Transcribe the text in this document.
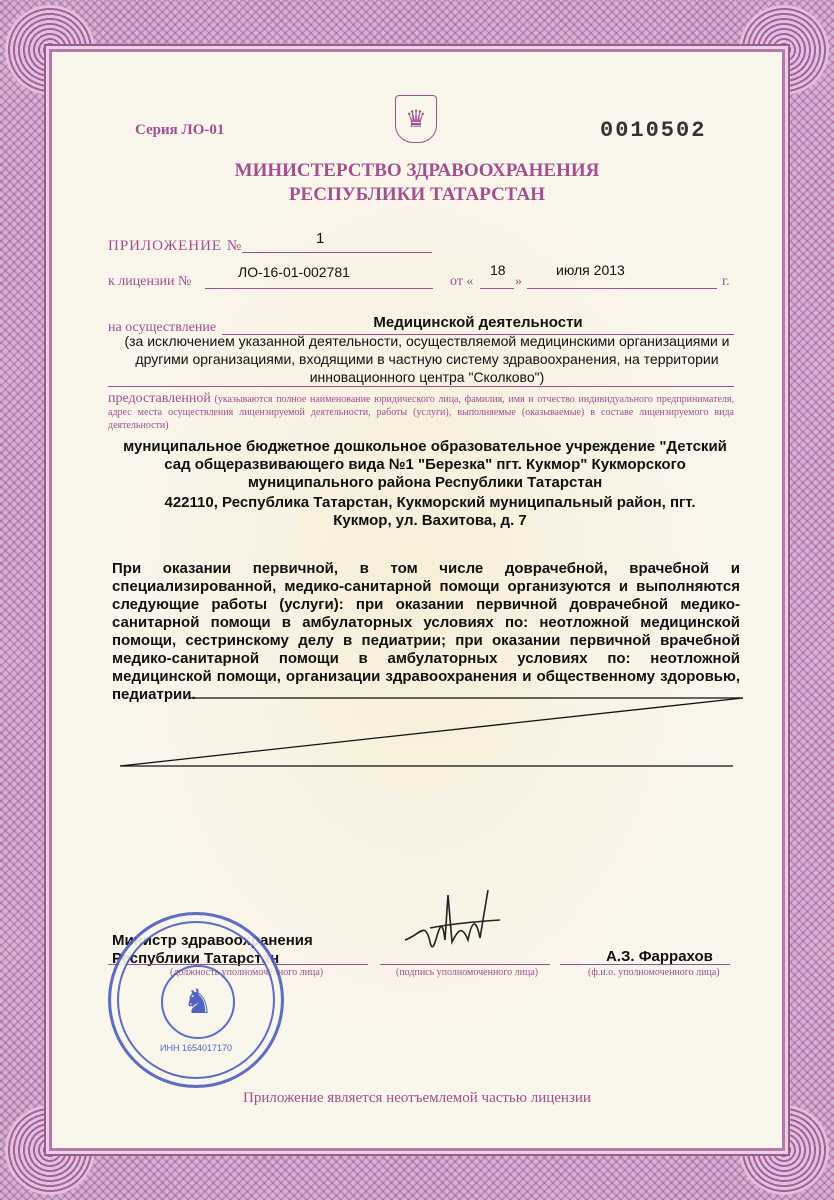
♛
Серия ЛО-01	0010502
МИНИСТЕРСТВО ЗДРАВООХРАНЕНИЯ
РЕСПУБЛИКИ ТАТАРСТАН
ПРИЛОЖЕНИЕ №	1
к лицензии №
ЛО-16-01-002781
от «
18
»
июля 2013
г.
на осуществление	Медицинской деятельности
(за исключением указанной деятельности, осуществляемой медицинскими организациями и другими организациями, входящими в частную систему здравоохранения, на территории инновационного центра "Сколково")
предоставленной (указываются полное наименование юридического лица, фамилия, имя и отчество индивидуального предпринимателя, адрес места осуществления лицензируемой деятельности, работы (услуги), выполняемые (оказываемые) в составе лицензируемого вида деятельности)
муниципальное бюджетное дошкольное образовательное учреждение "Детский сад общеразвивающего вида №1 "Березка" пгт. Кукмор" Кукморского муниципального района Республики Татарстан
422110, Республика Татарстан, Кукморский муниципальный район, пгт. Кукмор, ул. Вахитова, д. 7
При оказании первичной, в том числе доврачебной, врачебной и специализированной, медико-санитарной помощи организуются и выполняются следующие работы (услуги): при оказании первичной доврачебной медико-санитарной помощи в амбулаторных условиях по: неотложной медицинской помощи, сестринскому делу в педиатрии; при оказании первичной врачебной медико-санитарной помощи в амбулаторных условиях по: неотложной медицинской помощи, организации здравоохранения и общественному здоровью, педиатрии.
Министр здравоохранения Республики Татарстан
(должность уполномоченного лица)	(подпись уполномоченного лица)
А.З. Фаррахов
(ф.и.о. уполномоченного лица)
♞
ИНН 1654017170
Приложение является неотъемлемой частью лицензии
